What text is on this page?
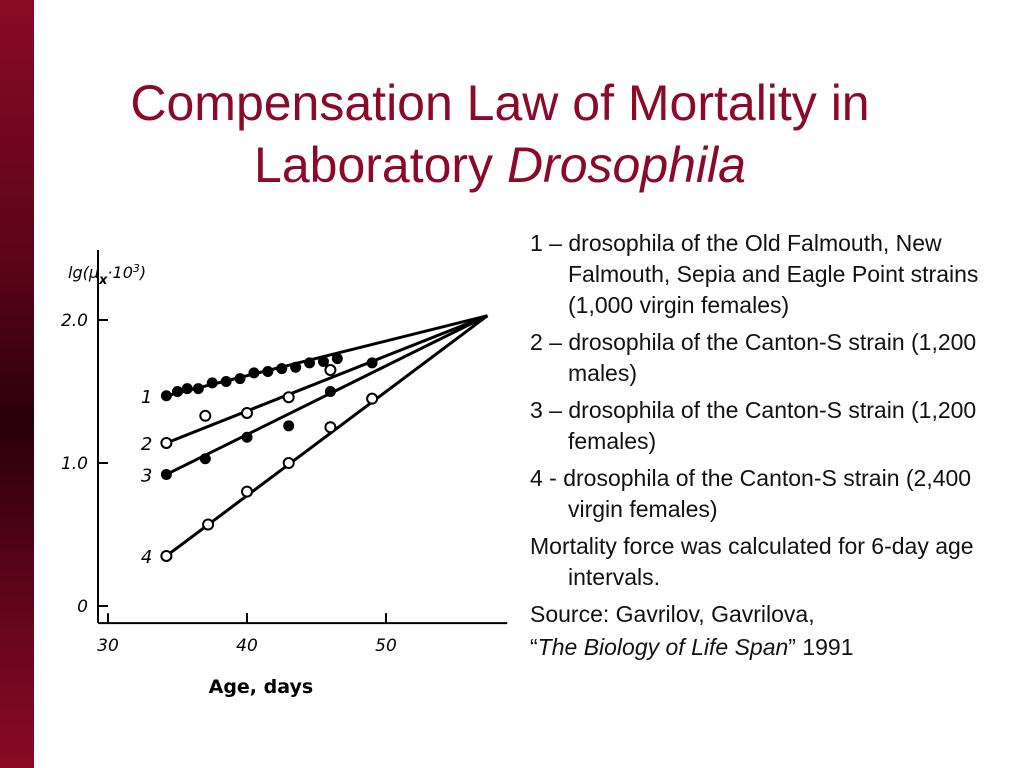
Compensation Law of Mortality in
Laboratory Drosophila
0
1.0
2.0
30	40	50
$\lg(\mu_x\cdot 10^3)$
Age, days
1
2
3
4

1 – drosophila of the Old Falmouth, New Falmouth, Sepia and Eagle Point strains (1,000 virgin females)

2 – drosophila of the Canton-S strain (1,200 males)

3 – drosophila of the Canton-S strain (1,200 females)

4 - drosophila of the Canton-S strain (2,400 virgin females)

Mortality force was calculated for 6-day age intervals.

Source: Gavrilov, Gavrilova,

“The Biology of Life Span” 1991
